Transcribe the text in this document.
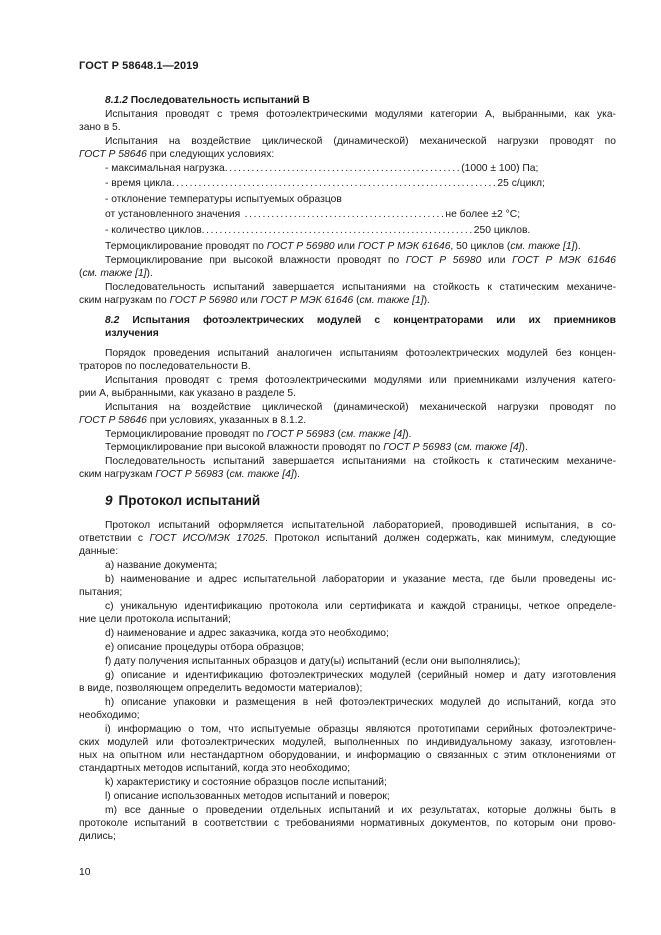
ГОСТ Р 58648.1—2019
8.1.2 Последовательность испытаний В
Испытания проводят с тремя фотоэлектрическими модулями категории А, выбранными, как ука-
зано в 5.
Испытания на воздействие циклической (динамической) механической нагрузки проводят по
ГОСТ Р 58646 при следующих условиях:
- максимальная нагрузка ..................................................... (1000 ± 100) Па;
- время цикла ......................................................................... 25 с/цикл;
- отклонение температуры испытуемых образцов
от установленного значения ............................................. не более ±2 °С;
- количество циклов ............................................................. 250 циклов.
Термоциклирование проводят по ГОСТ Р 56980 или ГОСТ Р МЭК 61646, 50 циклов (см. также [1]).
Термоциклирование при высокой влажности проводят по ГОСТ Р 56980 или ГОСТ Р МЭК 61646
(см. также [1]).
Последовательность испытаний завершается испытаниями на стойкость к статическим механиче-
ским нагрузкам по ГОСТ Р 56980 или ГОСТ Р МЭК 61646 (см. также [1]).
8.2 Испытания фотоэлектрических модулей с концентраторами или их приемников
излучения
Порядок проведения испытаний аналогичен испытаниям фотоэлектрических модулей без концен-
траторов по последовательности В.
Испытания проводят с тремя фотоэлектрическими модулями или приемниками излучения катего-
рии А, выбранными, как указано в разделе 5.
Испытания на воздействие циклической (динамической) механической нагрузки проводят по
ГОСТ Р 58646 при условиях, указанных в 8.1.2.
Термоциклирование проводят по ГОСТ Р 56983 (см. также [4]).
Термоциклирование при высокой влажности проводят по ГОСТ Р 56983 (см. также [4]).
Последовательность испытаний завершается испытаниями на стойкость к статическим механиче-
ским нагрузкам ГОСТ Р 56983 (см. также [4]).
9 Протокол испытаний
Протокол испытаний оформляется испытательной лабораторией, проводившей испытания, в со-
ответствии с ГОСТ ИСО/МЭК 17025. Протокол испытаний должен содержать, как минимум, следующие
данные:
а) название документа;
b) наименование и адрес испытательной лаборатории и указание места, где были проведены ис-
пытания;
с) уникальную идентификацию протокола или сертификата и каждой страницы, четкое определе-
ние цели протокола испытаний;
d) наименование и адрес заказчика, когда это необходимо;
е) описание процедуры отбора образцов;
f) дату получения испытанных образцов и дату(ы) испытаний (если они выполнялись);
g) описание и идентификацию фотоэлектрических модулей (серийный номер и дату изготовления
в виде, позволяющем определить ведомости материалов);
h) описание упаковки и размещения в ней фотоэлектрических модулей до испытаний, когда это
необходимо;
i) информацию о том, что испытуемые образцы являются прототипами серийных фотоэлектриче-
ских модулей или фотоэлектрических модулей, выполненных по индивидуальному заказу, изготовлен-
ных на опытном или нестандартном оборудовании, и информацию о связанных с этим отклонениями от
стандартных методов испытаний, когда это необходимо;
k) характеристику и состояние образцов после испытаний;
l) описание использованных методов испытаний и поверок;
m) все данные о проведении отдельных испытаний и их результатах, которые должны быть в
протоколе испытаний в соответствии с требованиями нормативных документов, по которым они прово-
дились;
10
